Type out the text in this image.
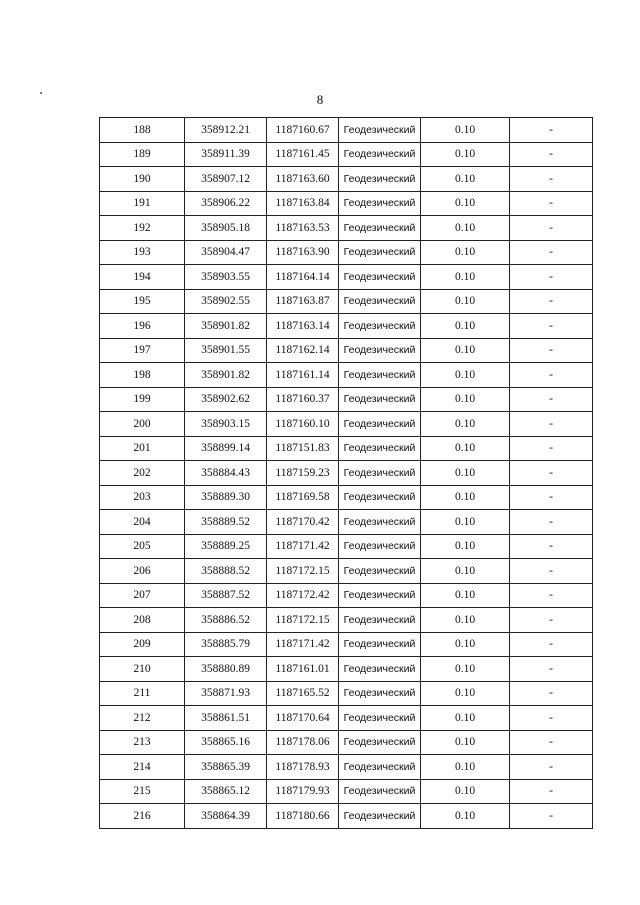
8
188	358912.21	1187160.67	Геодезический	0.10	-
189	358911.39	1187161.45	Геодезический	0.10	-
190	358907.12	1187163.60	Геодезический	0.10	-
191	358906.22	1187163.84	Геодезический	0.10	-
192	358905.18	1187163.53	Геодезический	0.10	-
193	358904.47	1187163.90	Геодезический	0.10	-
194	358903.55	1187164.14	Геодезический	0.10	-
195	358902.55	1187163.87	Геодезический	0.10	-
196	358901.82	1187163.14	Геодезический	0.10	-
197	358901.55	1187162.14	Геодезический	0.10	-
198	358901.82	1187161.14	Геодезический	0.10	-
199	358902.62	1187160.37	Геодезический	0.10	-
200	358903.15	1187160.10	Геодезический	0.10	-
201	358899.14	1187151.83	Геодезический	0.10	-
202	358884.43	1187159.23	Геодезический	0.10	-
203	358889.30	1187169.58	Геодезический	0.10	-
204	358889.52	1187170.42	Геодезический	0.10	-
205	358889.25	1187171.42	Геодезический	0.10	-
206	358888.52	1187172.15	Геодезический	0.10	-
207	358887.52	1187172.42	Геодезический	0.10	-
208	358886.52	1187172.15	Геодезический	0.10	-
209	358885.79	1187171.42	Геодезический	0.10	-
210	358880.89	1187161.01	Геодезический	0.10	-
211	358871.93	1187165.52	Геодезический	0.10	-
212	358861.51	1187170.64	Геодезический	0.10	-
213	358865.16	1187178.06	Геодезический	0.10	-
214	358865.39	1187178.93	Геодезический	0.10	-
215	358865.12	1187179.93	Геодезический	0.10	-
216	358864.39	1187180.66	Геодезический	0.10	-
